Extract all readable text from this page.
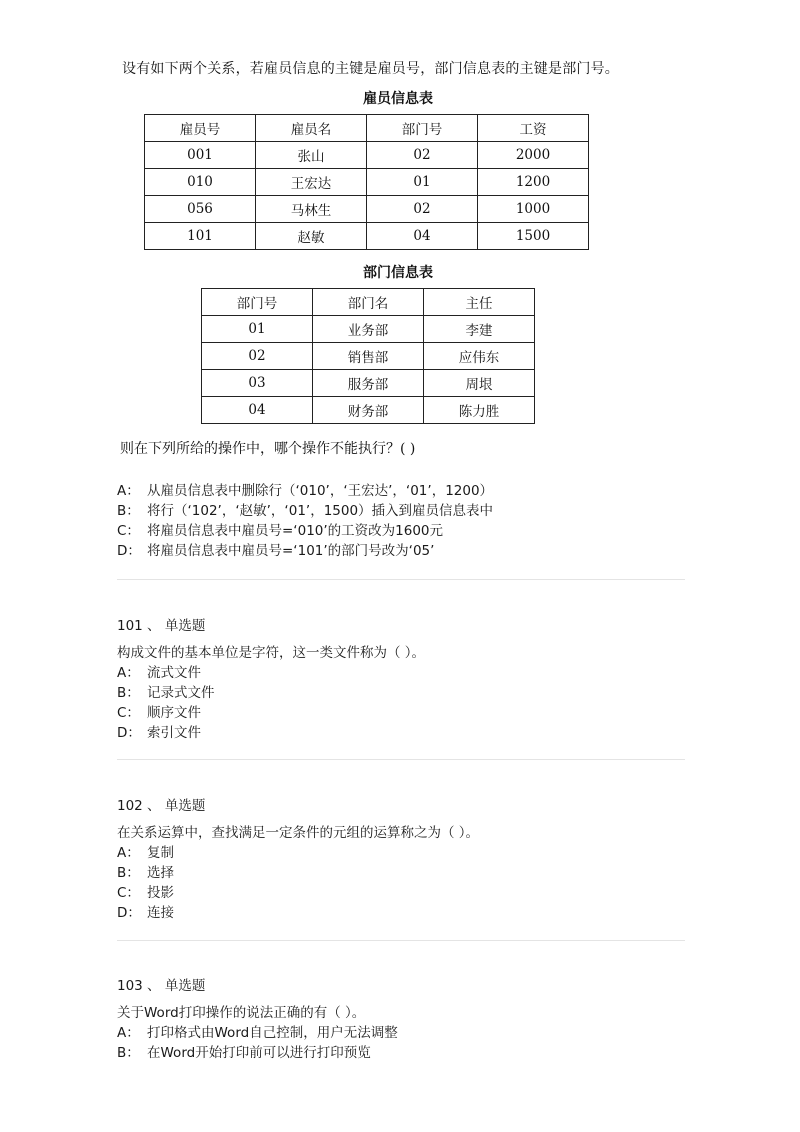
设有如下两个关系，若雇员信息的主键是雇员号，部门信息表的主键是部门号。
雇员信息表
雇员号	雇员名	部门号	工资
001	张山	02	2000
010	王宏达	01	1200
056	马林生	02	1000
101	赵敏	04	1500
部门信息表
部门号	部门名	主任
01	业务部	李建
02	销售部	应伟东
03	服务部	周垠
04	财务部	陈力胜
则在下列所给的操作中，哪个操作不能执行？( )
A： 从雇员信息表中删除行（‘010’，‘王宏达’，‘01’，1200）
B： 将行（‘102’，‘赵敏’，‘01’，1500）插入到雇员信息表中
C： 将雇员信息表中雇员号=‘010’的工资改为1600元
D： 将雇员信息表中雇员号=‘101’的部门号改为‘05’
101 、 单选题
构成文件的基本单位是字符，这一类文件称为（ ）。
A： 流式文件
B： 记录式文件
C： 顺序文件
D： 索引文件
102 、 单选题
在关系运算中，查找满足一定条件的元组的运算称之为（ ）。
A： 复制
B： 选择
C： 投影
D： 连接
103 、 单选题
关于Word打印操作的说法正确的有（ ）。
A： 打印格式由Word自己控制，用户无法调整
B： 在Word开始打印前可以进行打印预览
